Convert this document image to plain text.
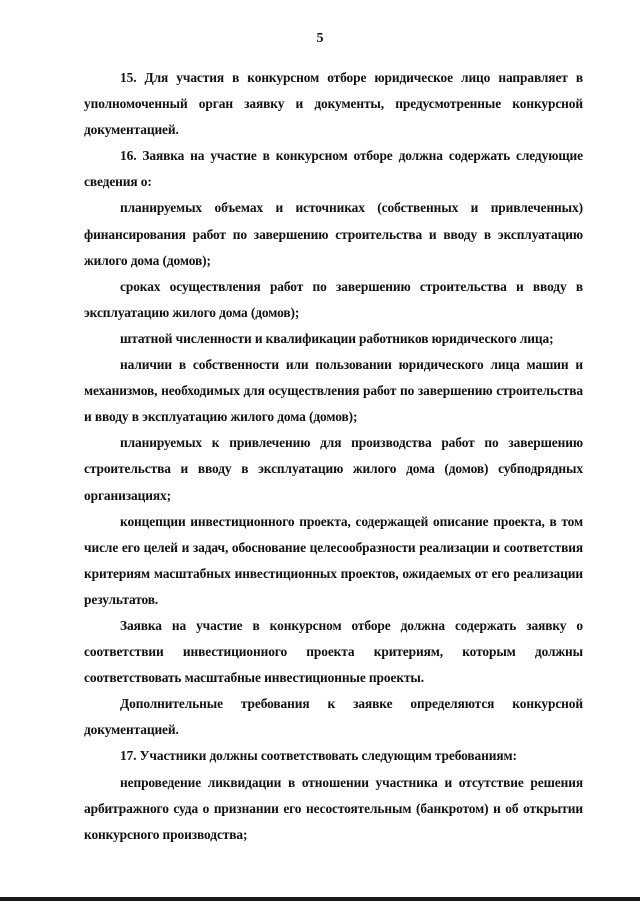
5

15. Для участия в конкурсном отборе юридическое лицо направляет в уполномоченный орган заявку и документы, предусмотренные конкурсной документацией.

16. Заявка на участие в конкурсном отборе должна содержать следующие сведения о:

планируемых объемах и источниках (собственных и привлеченных) финансирования работ по завершению строительства и вводу в эксплуатацию жилого дома (домов);

сроках осуществления работ по завершению строительства и вводу в эксплуатацию жилого дома (домов);

штатной численности и квалификации работников юридического лица;

наличии в собственности или пользовании юридического лица машин и механизмов, необходимых для осуществления работ по завершению строительства и вводу в эксплуатацию жилого дома (домов);

планируемых к привлечению для производства работ по завершению строительства и вводу в эксплуатацию жилого дома (домов) субподрядных организациях;

концепции инвестиционного проекта, содержащей описание проекта, в том числе его целей и задач, обоснование целесообразности реализации и соответствия критериям масштабных инвестиционных проектов, ожидаемых от его реализации результатов.

Заявка на участие в конкурсном отборе должна содержать заявку о соответствии инвестиционного проекта критериям, которым должны соответствовать масштабные инвестиционные проекты.

Дополнительные требования к заявке определяются конкурсной документацией.

17. Участники должны соответствовать следующим требованиям:

непроведение ликвидации в отношении участника и отсутствие решения арбитражного суда о признании его несостоятельным (банкротом) и об открытии конкурсного производства;
